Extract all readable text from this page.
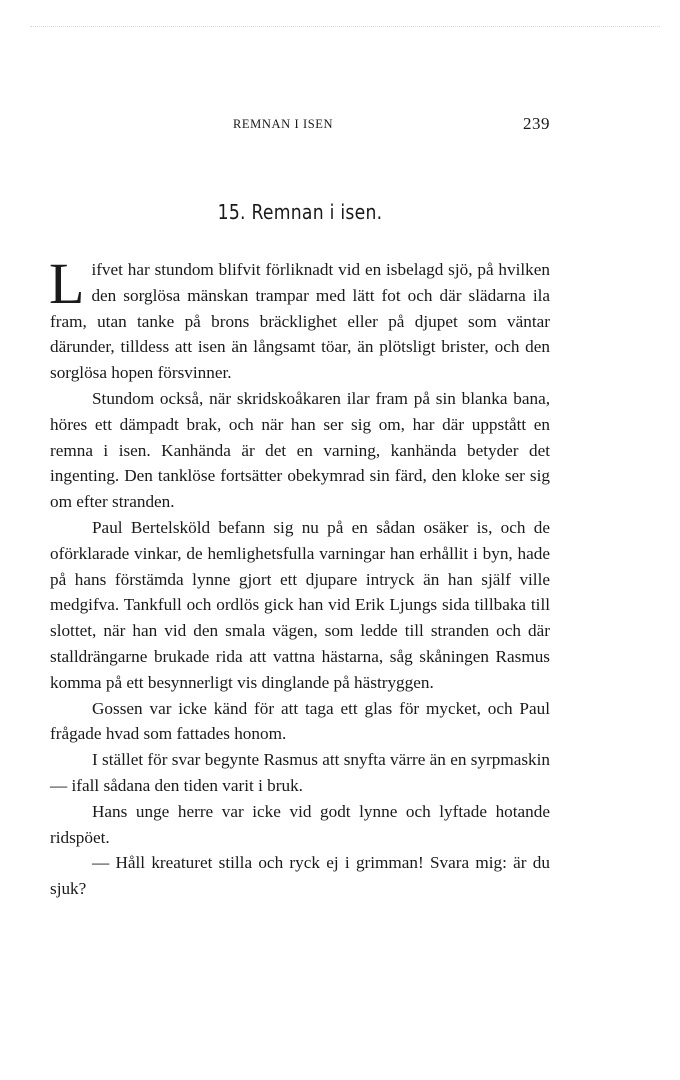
REMNAN I ISEN	239
15. Remnan i isen.

Lifvet har stundom blifvit förliknadt vid en isbelagd sjö, på hvilken den sorglösa mänskan trampar med lätt fot och där slädarna ila fram, utan tanke på brons bräcklighet eller på djupet som väntar därunder, tilldess att isen än långsamt töar, än plötsligt brister, och den sorglösa hopen försvinner.

Stundom också, när skridskoåkaren ilar fram på sin blanka bana, höres ett dämpadt brak, och när han ser sig om, har där uppstått en remna i isen. Kanhända är det en varning, kanhända betyder det ingenting. Den tanklöse fortsätter obekymrad sin färd, den kloke ser sig om efter stranden.

Paul Bertelsköld befann sig nu på en sådan osäker is, och de oförklarade vinkar, de hemlighetsfulla varningar han erhållit i byn, hade på hans förstämda lynne gjort ett djupare intryck än han själf ville medgifva. Tankfull och ordlös gick han vid Erik Ljungs sida tillbaka till slottet, när han vid den smala vägen, som ledde till stranden och där stalldrängarne brukade rida att vattna hästarna, såg skåningen Rasmus komma på ett besynnerligt vis dinglande på hästryggen.

Gossen var icke känd för att taga ett glas för mycket, och Paul frågade hvad som fattades honom.

I stället för svar begynte Rasmus att snyfta värre än en syrpmaskin — ifall sådana den tiden varit i bruk.

Hans unge herre var icke vid godt lynne och lyftade hotande ridspöet.

— Håll kreaturet stilla och ryck ej i grimman! Svara mig: är du sjuk?
